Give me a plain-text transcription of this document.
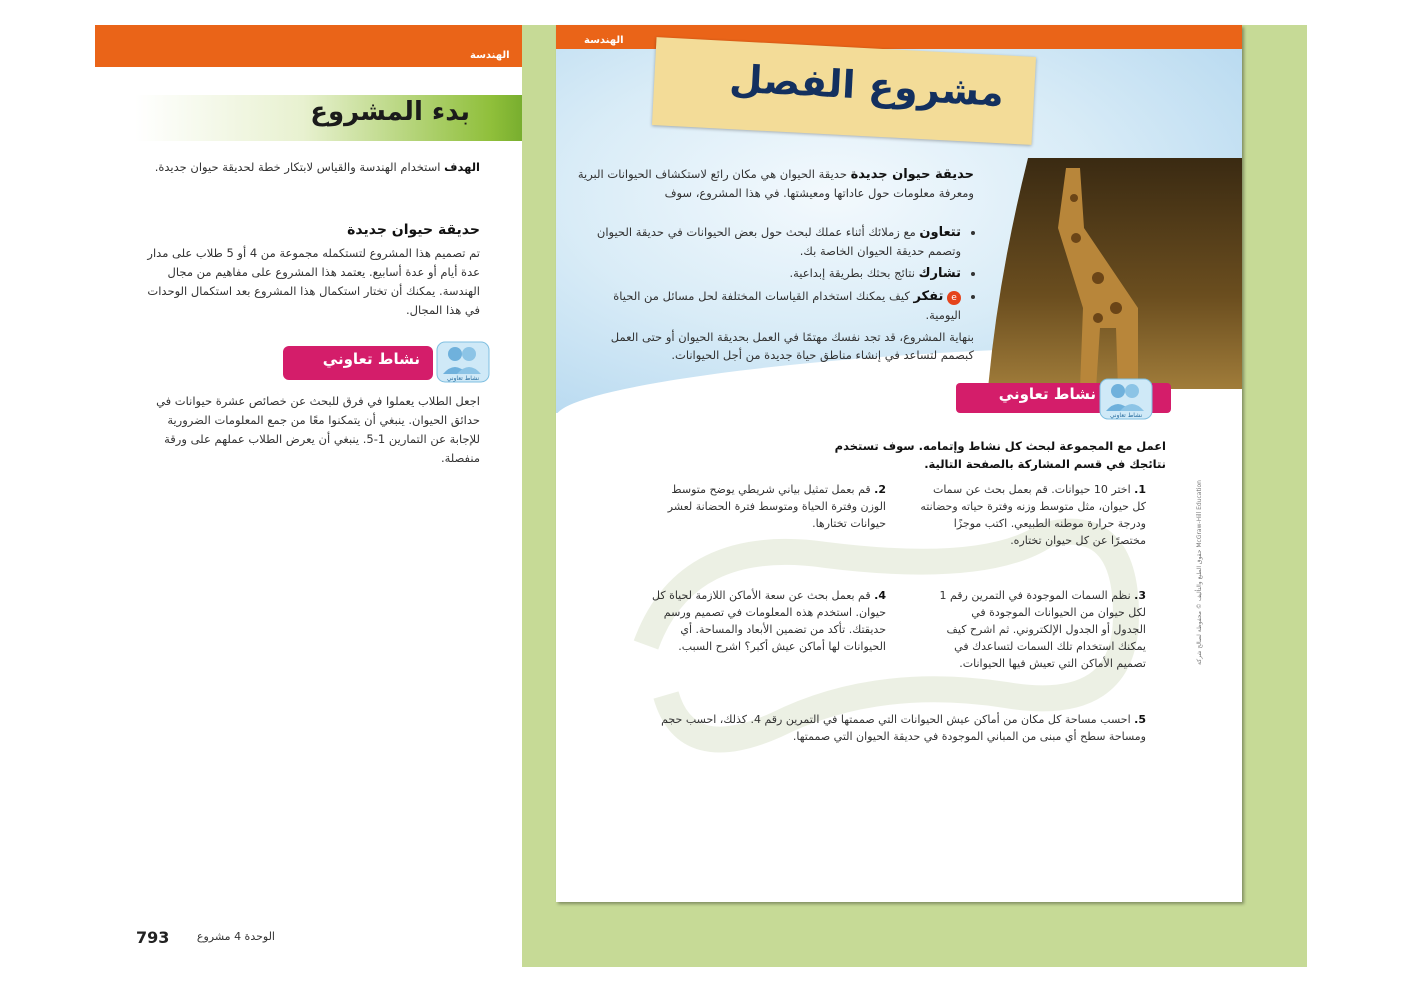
الهندسة
بدء المشروع
الهدف استخدام الهندسة والقياس لابتكار خطة لحديقة حيوان جديدة.
حديقة حيوان جديدة
تم تصميم هذا المشروع لتستكمله مجموعة من 4 أو 5 طلاب على مدار عدة أيام أو عدة أسابيع. يعتمد هذا المشروع على مفاهيم من مجال الهندسة. يمكنك أن تختار استكمال هذا المشروع بعد استكمال الوحدات في هذا المجال.
نشاط تعاوني
نشاط تعاوني
اجعل الطلاب يعملوا في فرق للبحث عن خصائص عشرة حيوانات في حدائق الحيوان. ينبغي أن يتمكنوا معًا من جمع المعلومات الضرورية للإجابة عن التمارين 1-5. ينبغي أن يعرض الطلاب عملهم على ورقة منفصلة.
الوحدة 4 مشروع
793
الهندسة
مشروع الفصل
حديقة حيوان جديدة حديقة الحيوان هي مكان رائع لاستكشاف الحيوانات البرية ومعرفة معلومات حول عاداتها ومعيشتها. في هذا المشروع، سوف
• تتعاون مع زملائك أثناء عملك لبحث حول بعض الحيوانات في حديقة الحيوان وتصمم حديقة الحيوان الخاصة بك.
• تشارك نتائج بحثك بطريقة إبداعية.
• e تفكر كيف يمكنك استخدام القياسات المختلفة لحل مسائل من الحياة اليومية.
بنهاية المشروع، قد تجد نفسك مهتمًا في العمل بحديقة الحيوان أو حتى العمل كبصمم لتساعد في إنشاء مناطق حياة جديدة من أجل الحيوانات.
نشاط تعاوني
نشاط تعاوني
اعمل مع المجموعة لبحث كل نشاط وإتمامه. سوف تستخدم نتائجك في قسم المشاركة بالصفحة التالية.
1. اختر 10 حيوانات. قم بعمل بحث عن سمات كل حيوان، مثل متوسط وزنه وفترة حياته وحضانته ودرجة حرارة موطنه الطبيعي. اكتب موجزًا مختصرًا عن كل حيوان تختاره.
2. قم بعمل تمثيل بياني شريطي يوضح متوسط الوزن وفترة الحياة ومتوسط فترة الحضانة لعشر حيوانات تختارها.
3. نظم السمات الموجودة في التمرين رقم 1 لكل حيوان من الحيوانات الموجودة في الجدول أو الجدول الإلكتروني. ثم اشرح كيف يمكنك استخدام تلك السمات لتساعدك في تصميم الأماكن التي تعيش فيها الحيوانات.
4. قم بعمل بحث عن سعة الأماكن اللازمة لحياة كل حيوان. استخدم هذه المعلومات في تصميم ورسم حديقتك. تأكد من تضمين الأبعاد والمساحة. أي الحيوانات لها أماكن عيش أكبر؟ اشرح السبب.
5. احسب مساحة كل مكان من أماكن عيش الحيوانات التي صممتها في التمرين رقم 4. كذلك، احسب حجم ومساحة سطح أي مبنى من المباني الموجودة في حديقة الحيوان التي صممتها.
حقوق الطبع والتأليف © محفوظة لصالح شركة McGraw-Hill Education
